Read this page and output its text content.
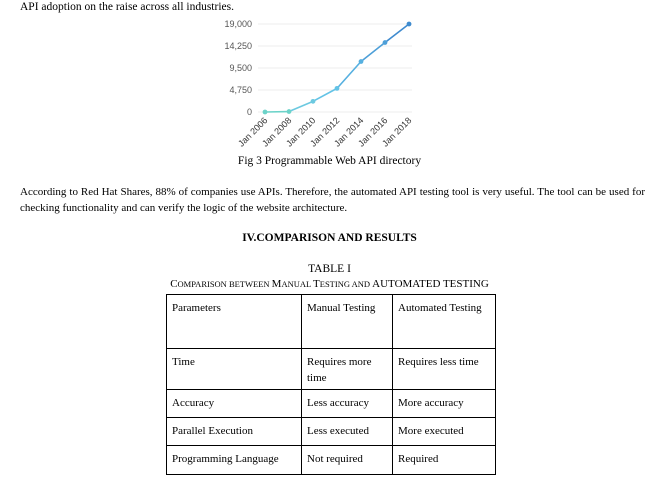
API adoption on the raise across all industries.
0
4,750
9,500
14,250
19,000
Jan 2006
Jan 2008
Jan 2010
Jan 2012
Jan 2014
Jan 2016
Jan 2018
Fig 3 Programmable Web API directory
According to Red Hat Shares, 88% of companies use APIs. Therefore, the automated API testing tool is very useful. The tool can be used for checking functionality and can verify the logic of the website architecture.
IV.COMPARISON AND RESULTS
TABLE I
COMPARISON BETWEEN MANUAL TESTING AND AUTOMATED TESTING
Parameters	Manual Testing	Automated Testing
Time	Requires more time	Requires less time
Accuracy	Less accuracy	More accuracy
Parallel Execution	Less executed	More executed
Programming Language	Not required	Required
